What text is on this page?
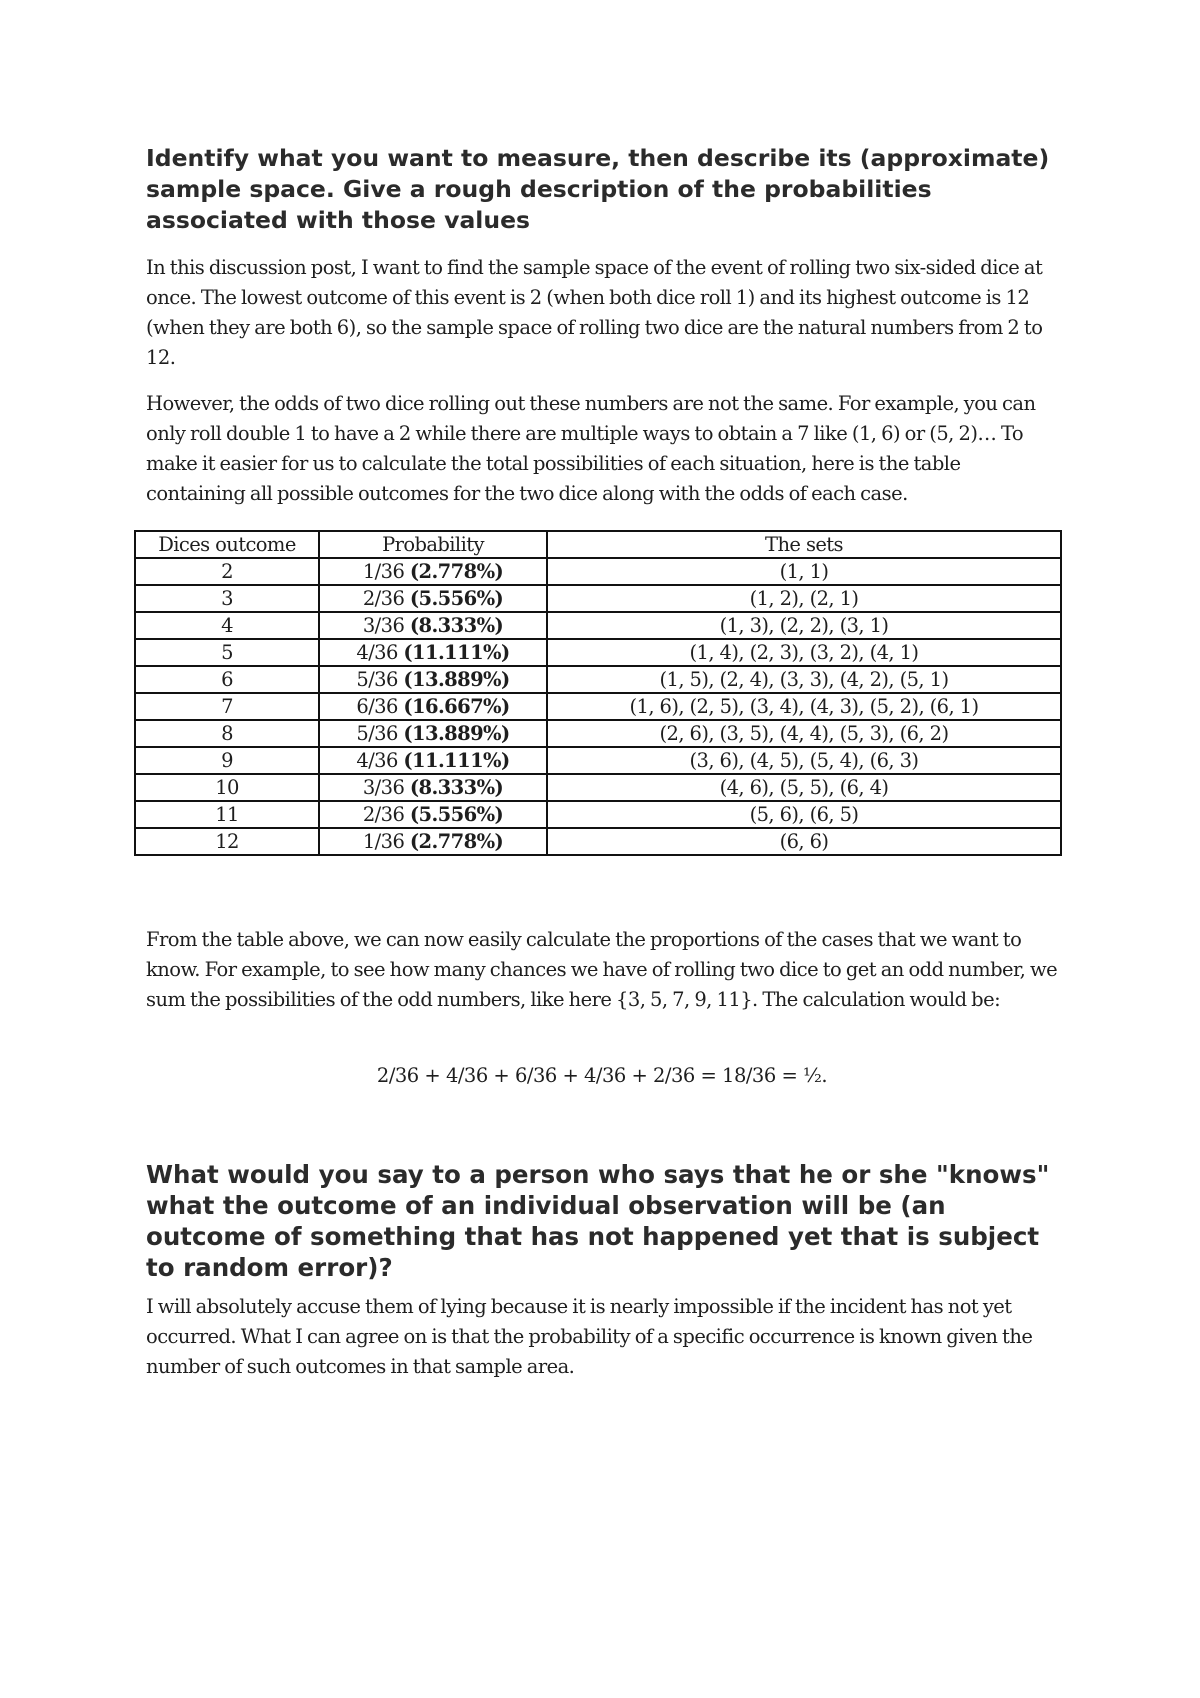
Identify what you want to measure, then describe its (approximate) sample space. Give a rough description of the probabilities associated with those values

In this discussion post, I want to find the sample space of the event of rolling two six-sided dice at once. The lowest outcome of this event is 2 (when both dice roll 1) and its highest outcome is 12 (when they are both 6), so the sample space of rolling two dice are the natural numbers from 2 to 12.

However, the odds of two dice rolling out these numbers are not the same. For example, you can only roll double 1 to have a 2 while there are multiple ways to obtain a 7 like (1, 6) or (5, 2)… To make it easier for us to calculate the total possibilities of each situation, here is the table containing all possible outcomes for the two dice along with the odds of each case.

Dices outcome	Probability	The sets
2	1/36 (2.778%)	(1, 1)
3	2/36 (5.556%)	(1, 2), (2, 1)
4	3/36 (8.333%)	(1, 3), (2, 2), (3, 1)
5	4/36 (11.111%)	(1, 4), (2, 3), (3, 2), (4, 1)
6	5/36 (13.889%)	(1, 5), (2, 4), (3, 3), (4, 2), (5, 1)
7	6/36 (16.667%)	(1, 6), (2, 5), (3, 4), (4, 3), (5, 2), (6, 1)
8	5/36 (13.889%)	(2, 6), (3, 5), (4, 4), (5, 3), (6, 2)
9	4/36 (11.111%)	(3, 6), (4, 5), (5, 4), (6, 3)
10	3/36 (8.333%)	(4, 6), (5, 5), (6, 4)
11	2/36 (5.556%)	(5, 6), (6, 5)
12	1/36 (2.778%)	(6, 6)

From the table above, we can now easily calculate the proportions of the cases that we want to know. For example, to see how many chances we have of rolling two dice to get an odd number, we sum the possibilities of the odd numbers, like here {3, 5, 7, 9, 11}. The calculation would be:

2/36 + 4/36 + 6/36 + 4/36 + 2/36 = 18/36 = ½.

What would you say to a person who says that he or she "knows" what the outcome of an individual observation will be (an outcome of something that has not happened yet that is subject to random error)?

I will absolutely accuse them of lying because it is nearly impossible if the incident has not yet occurred. What I can agree on is that the probability of a specific occurrence is known given the number of such outcomes in that sample area.
